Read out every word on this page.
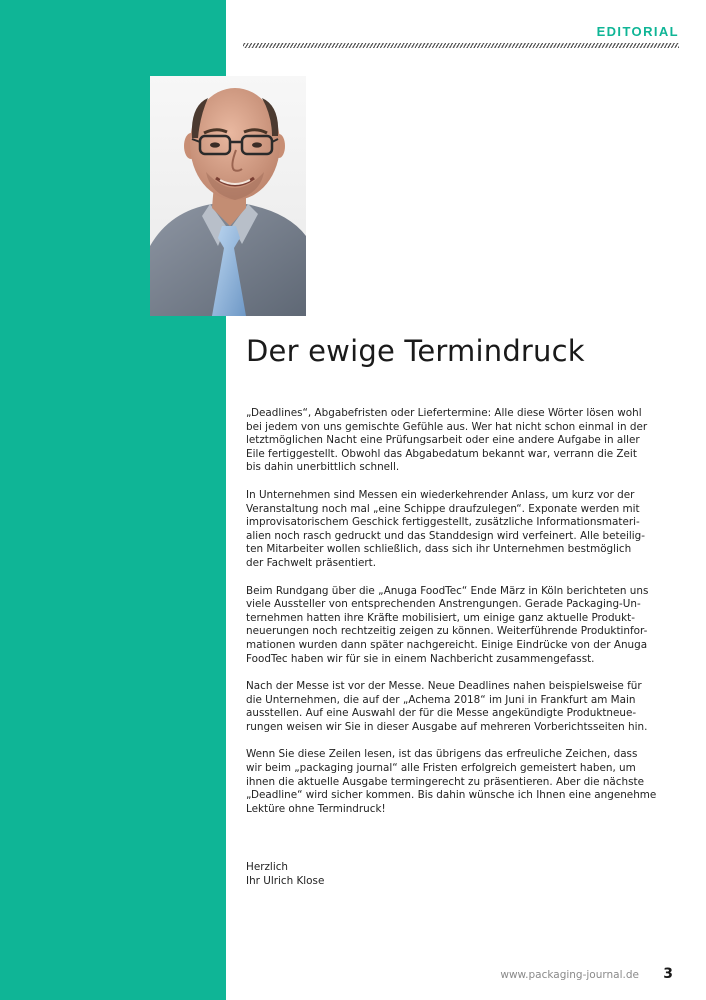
EDITORIAL
Der ewige Termindruck

„Deadlines“, Abgabefristen oder Liefertermine: Alle diese Wörter lösen wohl
bei jedem von uns gemischte Gefühle aus. Wer hat nicht schon einmal in der
letztmöglichen Nacht eine Prüfungsarbeit oder eine andere Aufgabe in aller
Eile fertiggestellt. Obwohl das Abgabedatum bekannt war, verrann die Zeit
bis dahin unerbittlich schnell.

In Unternehmen sind Messen ein wiederkehrender Anlass, um kurz vor der
Veranstaltung noch mal „eine Schippe draufzulegen“. Exponate werden mit
improvisatorischem Geschick fertiggestellt, zusätzliche Informationsmateri-
alien noch rasch gedruckt und das Standdesign wird verfeinert. Alle beteilig-
ten Mitarbeiter wollen schließlich, dass sich ihr Unternehmen bestmöglich
der Fachwelt präsentiert.

Beim Rundgang über die „Anuga FoodTec“ Ende März in Köln berichteten uns
viele Aussteller von entsprechenden Anstrengungen. Gerade Packaging-Un-
ternehmen hatten ihre Kräfte mobilisiert, um einige ganz aktuelle Produkt-
neuerungen noch rechtzeitig zeigen zu können. Weiterführende Produktinfor-
mationen wurden dann später nachgereicht. Einige Eindrücke von der Anuga
FoodTec haben wir für sie in einem Nachbericht zusammengefasst.

Nach der Messe ist vor der Messe. Neue Deadlines nahen beispielsweise für
die Unternehmen, die auf der „Achema 2018“ im Juni in Frankfurt am Main
ausstellen. Auf eine Auswahl der für die Messe angekündigte Produktneue-
rungen weisen wir Sie in dieser Ausgabe auf mehreren Vorberichtsseiten hin.

Wenn Sie diese Zeilen lesen, ist das übrigens das erfreuliche Zeichen, dass
wir beim „packaging journal“ alle Fristen erfolgreich gemeistert haben, um
ihnen die aktuelle Ausgabe termingerecht zu präsentieren. Aber die nächste
„Deadline“ wird sicher kommen. Bis dahin wünsche ich Ihnen eine angenehme
Lektüre ohne Termindruck!

Herzlich
Ihr Ulrich Klose
www.packaging-journal.de 3
